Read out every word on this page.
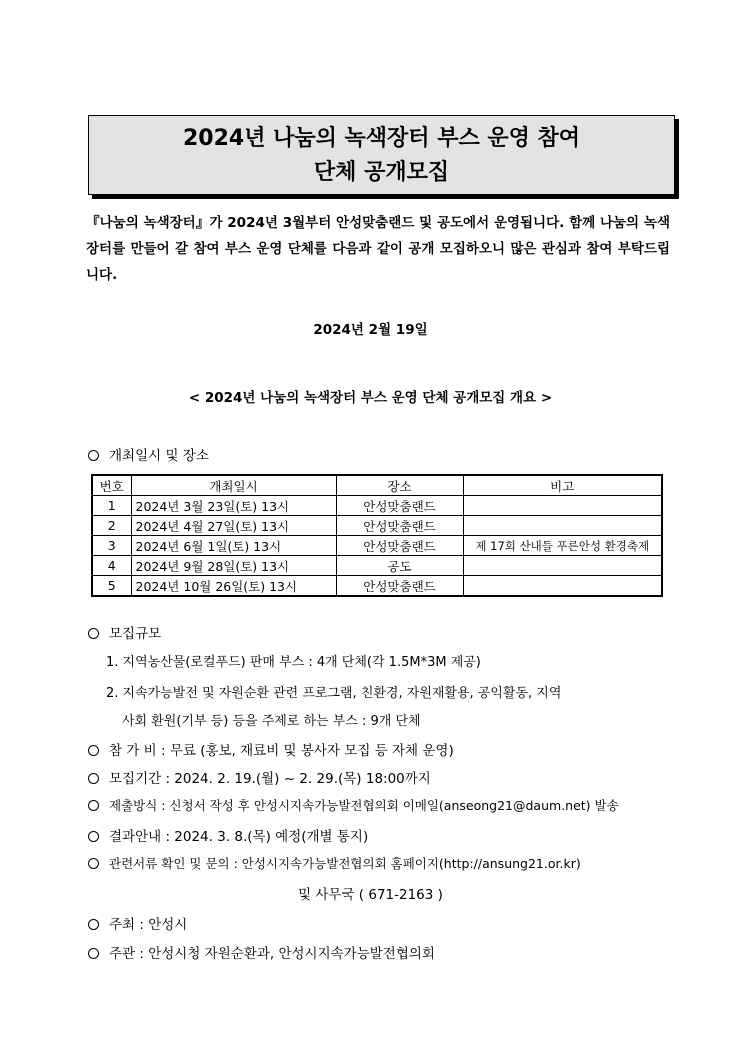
2024년 나눔의 녹색장터 부스 운영 참여
단체 공개모집
『나눔의 녹색장터』가 2024년 3월부터 안성맞춤랜드 및 공도에서 운영됩니다. 함께 나눔의 녹색장터를 만들어 갈 참여 부스 운영 단체를 다음과 같이 공개 모집하오니 많은 관심과 참여 부탁드립니다.
2024년 2월 19일
< 2024년 나눔의 녹색장터 부스 운영 단체 공개모집 개요 >
개최일시 및 장소
번호	개최일시	장소	비고
1	2024년 3월 23일(토) 13시	안성맞춤랜드	
2	2024년 4월 27일(토) 13시	안성맞춤랜드	
3	2024년 6월 1일(토) 13시	안성맞춤랜드	제 17회 산내들 푸른안성 환경축제
4	2024년 9월 28일(토) 13시	공도	
5	2024년 10월 26일(토) 13시	안성맞춤랜드	
모집규모
1. 지역농산물(로컬푸드) 판매 부스 : 4개 단체(각 1.5M*3M 제공)
2. 지속가능발전 및 자원순환 관련 프로그램, 친환경, 자원재활용, 공익활동, 지역
사회 환원(기부 등) 등을 주제로 하는 부스 : 9개 단체
참 가 비 : 무료 (홍보, 재료비 및 봉사자 모집 등 자체 운영)
모집기간 : 2024. 2. 19.(월) ~ 2. 29.(목) 18:00까지
제출방식 : 신청서 작성 후 안성시지속가능발전협의회 이메일(anseong21@daum.net) 발송
결과안내 : 2024. 3. 8.(목) 예정(개별 통지)
관련서류 확인 및 문의 : 안성시지속가능발전협의회 홈페이지(http://ansung21.or.kr)
및 사무국 ( 671-2163 )
주최 : 안성시
주관 : 안성시청 자원순환과, 안성시지속가능발전협의회
